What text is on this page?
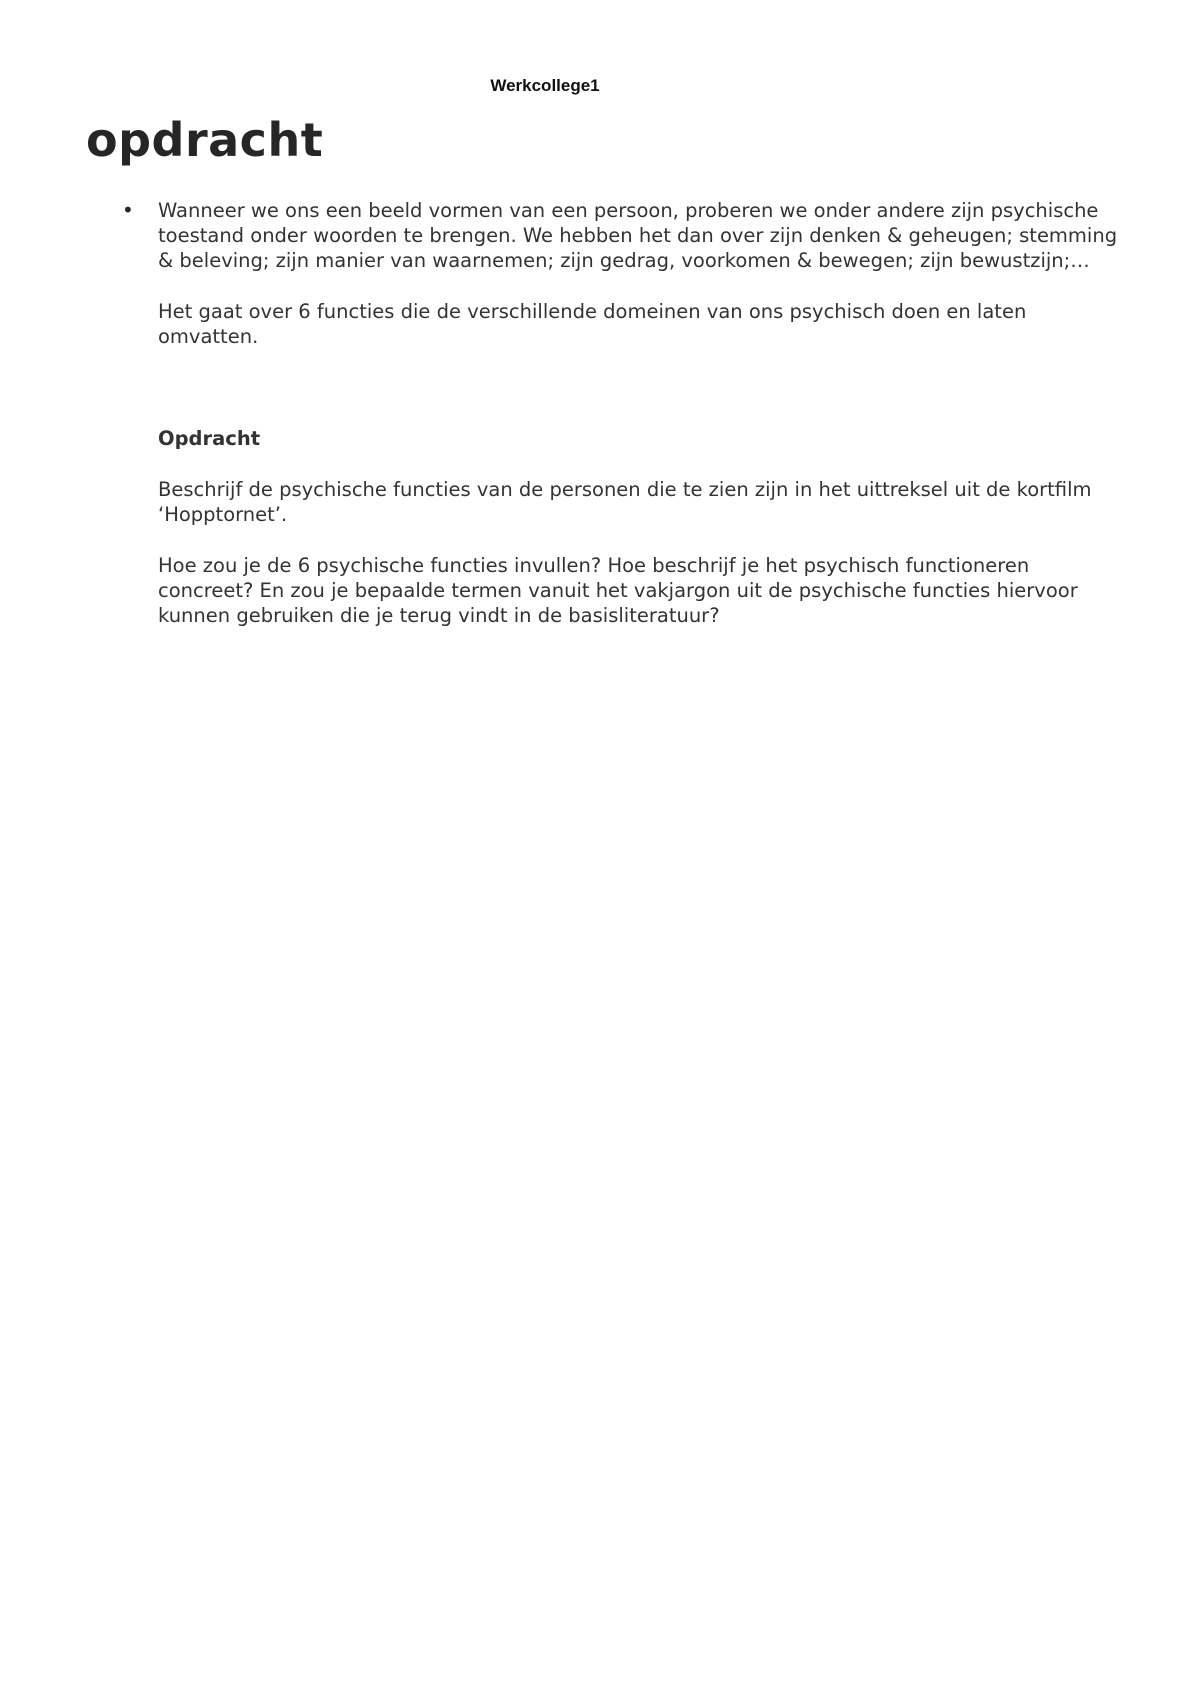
Werkcollege1
opdracht
• Wanneer we ons een beeld vormen van een persoon, proberen we onder andere zijn psychische toestand onder woorden te brengen. We hebben het dan over zijn denken & geheugen; stemming & beleving; zijn manier van waarnemen; zijn gedrag, voorkomen & bewegen; zijn bewustzijn;…

Het gaat over 6 functies die de verschillende domeinen van ons psychisch doen en laten omvatten.

Opdracht

Beschrijf de psychische functies van de personen die te zien zijn in het uittreksel uit de kortfilm ‘Hopptornet’.

Hoe zou je de 6 psychische functies invullen? Hoe beschrijf je het psychisch functioneren concreet? En zou je bepaalde termen vanuit het vakjargon uit de psychische functies hiervoor kunnen gebruiken die je terug vindt in de basisliteratuur?
